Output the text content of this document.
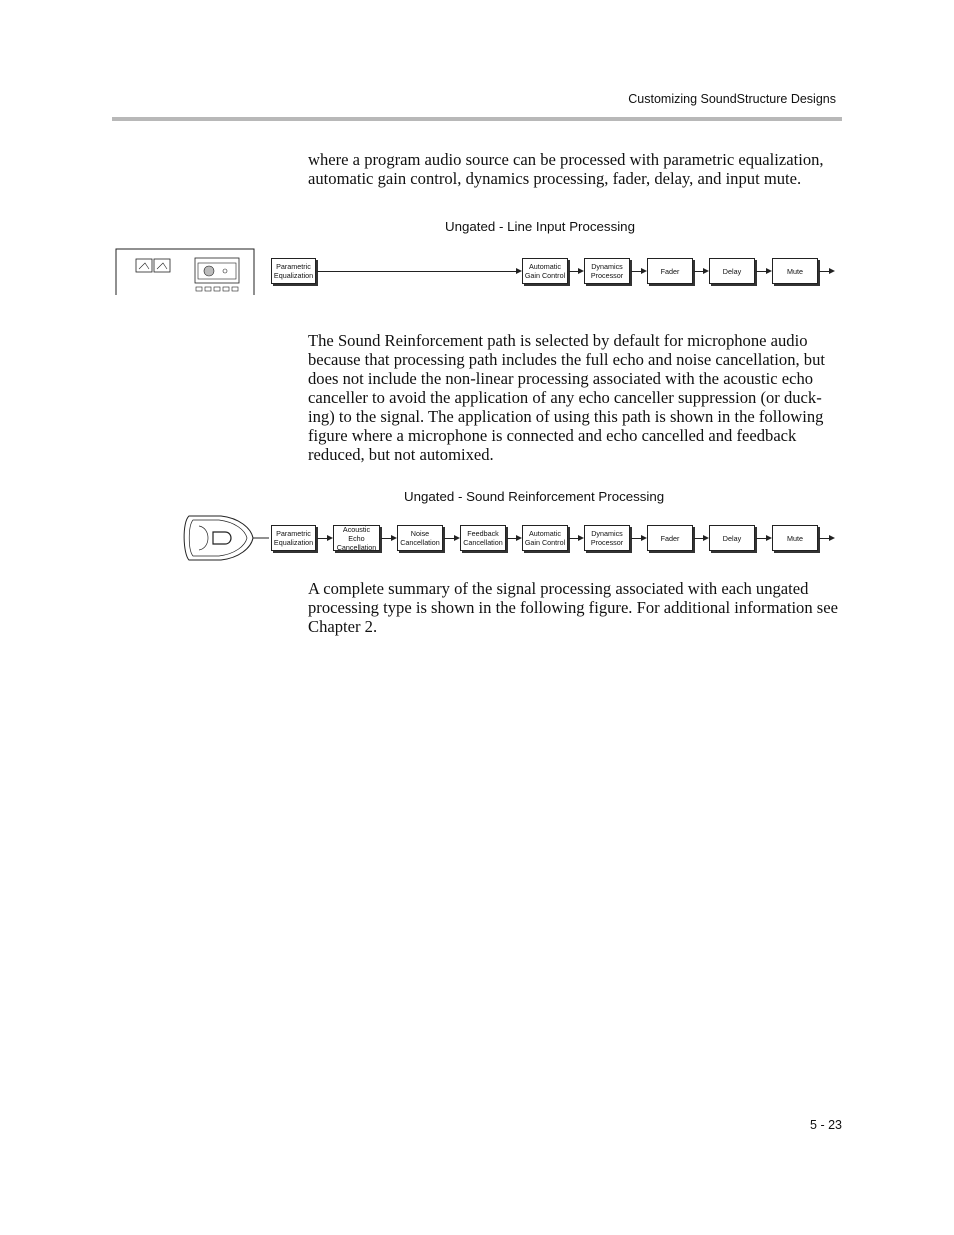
Customizing SoundStructure Designs

where a program audio source can be processed with parametric equalization, automatic gain control, dynamics processing, fader, delay, and input mute.

Ungated - Line Input Processing
Parametric
Equalization
Automatic
Gain Control
Dynamics
Processor	Fader	Delay	Mute

The Sound Reinforcement path is selected by default for microphone audio because that processing path includes the full echo and noise cancellation, but does not include the non-linear processing associated with the acoustic echo canceller to avoid the application of any echo canceller suppression (or duck-ing) to the signal. The application of using this path is shown in the following figure where a microphone is connected and echo cancelled and feedback reduced, but not automixed.

Ungated - Sound Reinforcement Processing
Parametric
Equalization
Acoustic Echo
Cancellation
Noise
Cancellation
Feedback
Cancellation
Automatic
Gain Control
Dynamics
Processor	Fader	Delay	Mute

A complete summary of the signal processing associated with each ungated processing type is shown in the following figure. For additional information see Chapter 2.

5 - 23
